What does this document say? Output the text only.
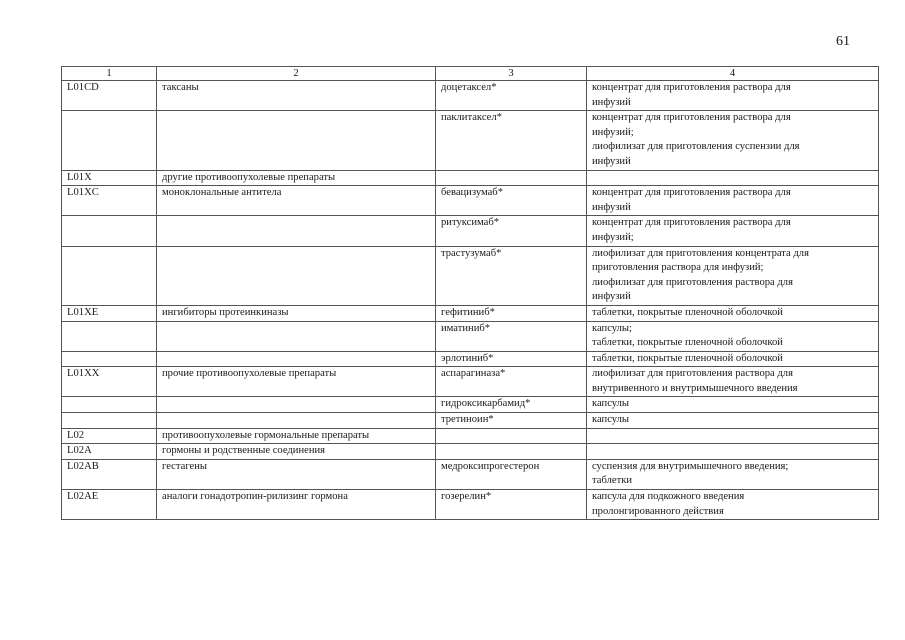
61
1	2	3	4
L01CD	таксаны	доцетаксел*	концентрат для приготовления раствора для
инфузий

		паклитаксел*	концентрат для приготовления раствора для
инфузий;
лиофилизат для приготовления суспензии для
инфузий

L01X	другие противоопухолевые препараты		
L01XC	моноклональные антитела	бевацизумаб*	концентрат для приготовления раствора для
инфузий

		ритуксимаб*	концентрат для приготовления раствора для
инфузий;

		трастузумаб*	лиофилизат для приготовления концентрата для
приготовления раствора для инфузий;
лиофилизат для приготовления раствора для
инфузий

L01XE	ингибиторы протеинкиназы	гефитиниб*	таблетки, покрытые пленочной оболочкой

		иматиниб*	капсулы;
таблетки, покрытые пленочной оболочкой

		эрлотиниб*	таблетки, покрытые пленочной оболочкой

L01XX	прочие противоопухолевые препараты	аспарагиназа*	лиофилизат для приготовления раствора для
внутривенного и внутримышечного введения

		гидроксикарбамид*	капсулы

		третиноин*	капсулы

L02	противоопухолевые гормональные препараты		
L02A	гормоны и родственные соединения		
L02AB	гестагены	медроксипрогестерон	суспензия для внутримышечного введения;
таблетки

L02AE	аналоги гонадотропин-рилизинг гормона	гозерелин*	капсула для подкожного введения
пролонгированного действия
